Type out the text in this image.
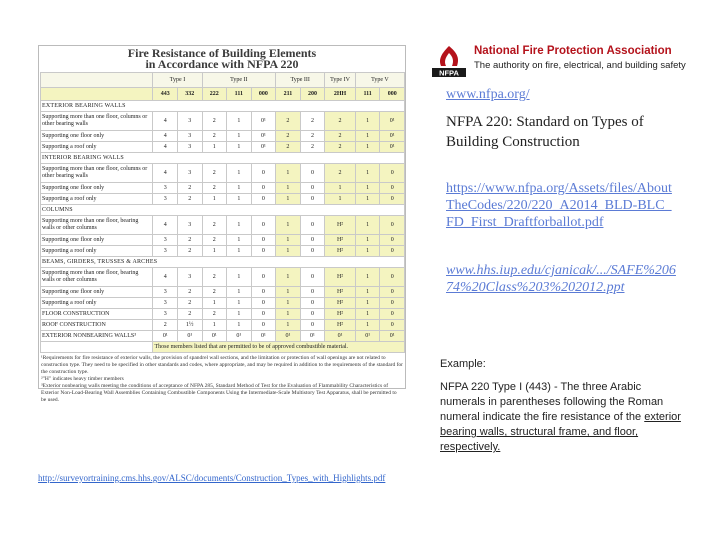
Fire Resistance of Building Elements
in Accordance with NFPA 220
	Type I		Type II			Type III		Type IV	Type V	
	443	332	222	111	000	211	200	2HH	111	000
EXTERIOR BEARING WALLS										
Supporting more than one floor, columns or other bearing walls	4	3	2	1	0¹	2	2	2	1	0¹
Supporting one floor only	4	3	2	1	0¹	2	2	2	1	0¹
Supporting a roof only	4	3	1	1	0¹	2	2	2	1	0¹
INTERIOR BEARING WALLS										
Supporting more than one floor, columns or other bearing walls	4	3	2	1	0	1	0	2	1	0
Supporting one floor only	3	2	2	1	0	1	0	1	1	0
Supporting a roof only	3	2	1	1	0	1	0	1	1	0
COLUMNS										
Supporting more than one floor, bearing walls or other columns	4	3	2	1	0	1	0	H²	1	0
Supporting one floor only	3	2	2	1	0	1	0	H²	1	0
Supporting a roof only	3	2	1	1	0	1	0	H²	1	0
BEAMS, GIRDERS, TRUSSES & ARCHES										
Supporting more than one floor, bearing walls or other columns	4	3	2	1	0	1	0	H²	1	0
Supporting one floor only	3	2	2	1	0	1	0	H²	1	0
Supporting a roof only	3	2	1	1	0	1	0	H²	1	0
FLOOR CONSTRUCTION	3	2	2	1	0	1	0	H²	1	0
ROOF CONSTRUCTION	2	1½	1	1	0	1	0	H²	1	0
EXTERIOR NONBEARING WALLS³	0¹	0¹	0¹	0¹	0¹	0¹	0¹	0¹	0¹	0¹
	Those members listed that are permitted to be of approved combustible material.									
¹Requirements for fire resistance of exterior walls, the provision of spandrel wall sections, and the limitation or protection of wall openings are not related to construction type. They need to be specified in other standards and codes, where appropriate, and may be required in addition to the requirements of the standard for the construction type.
²"H" indicates heavy timber members
³Exterior nonbearing walls meeting the conditions of acceptance of NFPA 285, Standard Method of Test for the Evaluation of Flammability Characteristics of Exterior Non-Load-Bearing Wall Assemblies Containing Combustible Components Using the Intermediate-Scale Multistory Test Apparatus, shall be permitted to be used.
http://surveyortraining.cms.hhs.gov/ALSC/documents/Construction_Types_with_Highlights.pdf
NFPA
National Fire Protection Association
The authority on fire, electrical, and building safety
www.nfpa.org/
NFPA 220: Standard on Types of Building Construction
https://www.nfpa.org/Assets/files/AboutTheCodes/220/220_A2014_BLD-BLC_FD_First_Draftforballot.pdf
www.hhs.iup.edu/cjanicak/.../SAFE%20674%20Class%203%202012.ppt
Example:
NFPA 220 Type I (443) - The three Arabic numerals in parentheses following the Roman numeral indicate the fire resistance of the exterior bearing walls, structural frame, and floor, respectively.
